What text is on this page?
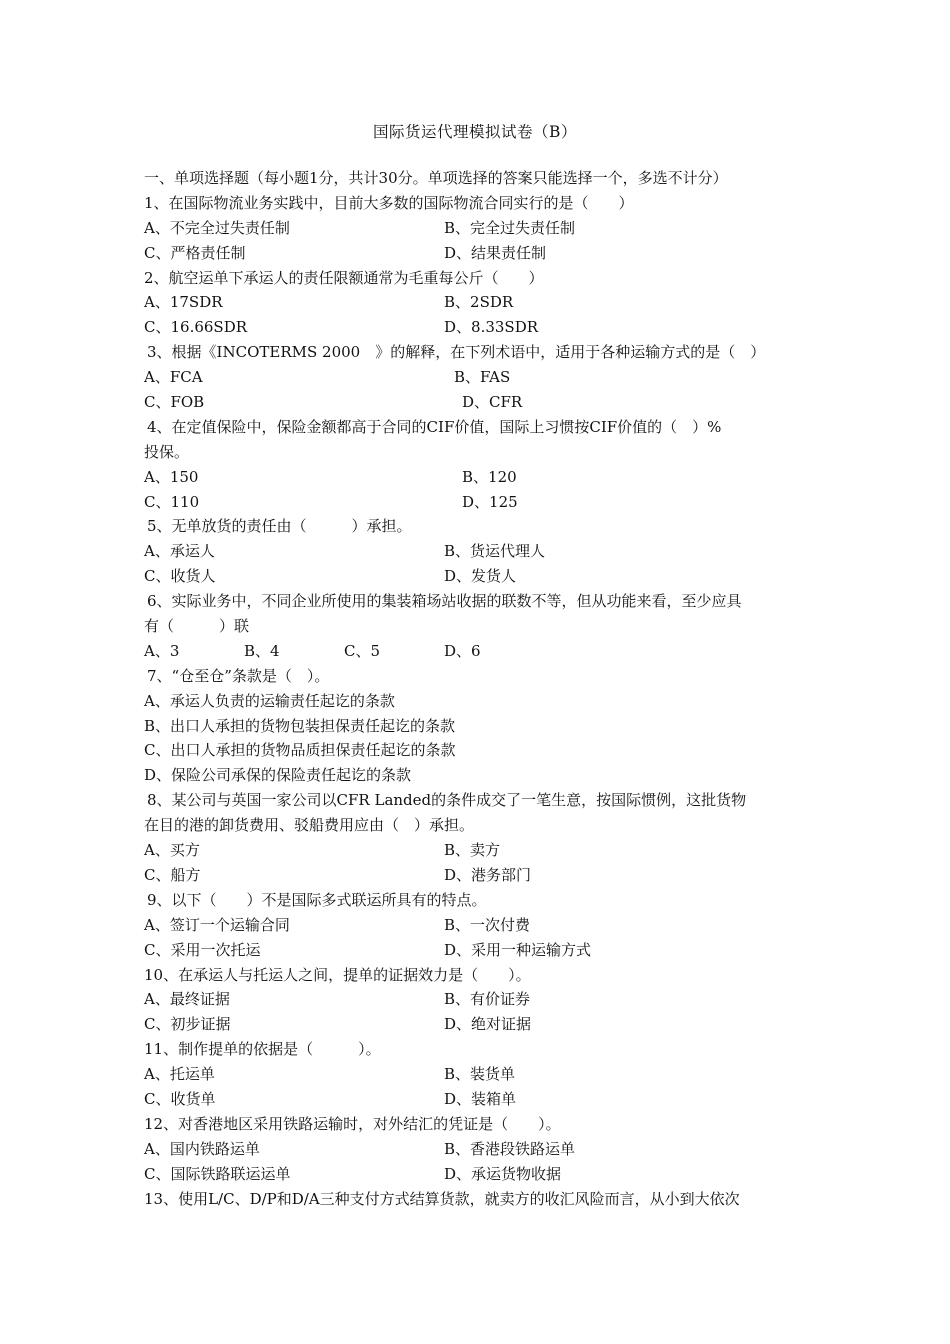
国际货运代理模拟试卷（B）
一、单项选择题（每小题1分，共计30分。单项选择的答案只能选择一个，多选不计分）
1、在国际物流业务实践中，目前大多数的国际物流合同实行的是（　　）
A、不完全过失责任制	B、完全过失责任制
C、严格责任制	D、结果责任制
2、航空运单下承运人的责任限额通常为毛重每公斤（　　）
A、17SDR	B、2SDR
C、16.66SDR	D、8.33SDR
3、根据《INCOTERMS 2000　》的解释，在下列术语中，适用于各种运输方式的是（　）
A、FCA	B、FAS
C、FOB	D、CFR
4、在定值保险中，保险金额都高于合同的CIF价值，国际上习惯按CIF价值的（　）%
投保。
A、150	B、120
C、110	D、125
5、无单放货的责任由（　　　）承担。
A、承运人	B、货运代理人
C、收货人	D、发货人
6、实际业务中，不同企业所使用的集装箱场站收据的联数不等，但从功能来看，至少应具
有（　　　）联
A、3	B、4	C、5	D、6
7、“仓至仓”条款是（　）。
A、承运人负责的运输责任起讫的条款
B、出口人承担的货物包装担保责任起讫的条款
C、出口人承担的货物品质担保责任起讫的条款
D、保险公司承保的保险责任起讫的条款
8、某公司与英国一家公司以CFR Landed的条件成交了一笔生意，按国际惯例，这批货物
在目的港的卸货费用、驳船费用应由（　）承担。
A、买方	B、卖方
C、船方	D、港务部门
9、以下（　　）不是国际多式联运所具有的特点。
A、签订一个运输合同	B、一次付费
C、采用一次托运	D、采用一种运输方式
10、在承运人与托运人之间，提单的证据效力是（　　）。
A、最终证据	B、有价证券
C、初步证据	D、绝对证据
11、制作提单的依据是（　　　）。
A、托运单	B、装货单
C、收货单	D、装箱单
12、对香港地区采用铁路运输时，对外结汇的凭证是（　　）。
A、国内铁路运单	B、香港段铁路运单
C、国际铁路联运运单	D、承运货物收据
13、使用L/C、D/P和D/A三种支付方式结算货款，就卖方的收汇风险而言，从小到大依次
